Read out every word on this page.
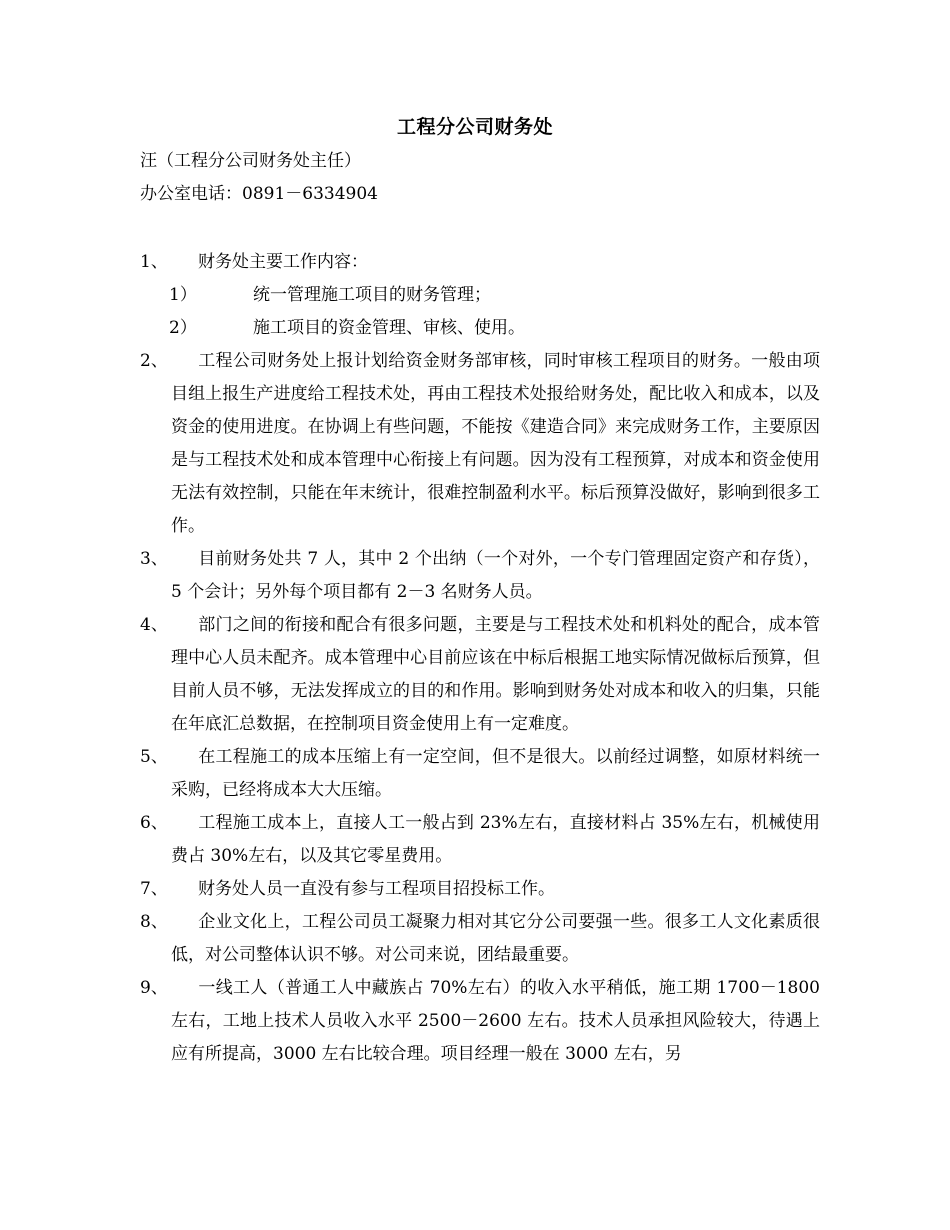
工程分公司财务处
汪（工程分公司财务处主任）
办公室电话：0891－6334904
1、	财务处主要工作内容：
1）	统一管理施工项目的财务管理；
2）	施工项目的资金管理、审核、使用。
2、	工程公司财务处上报计划给资金财务部审核，同时审核工程项目的财务。一般由项目组上报生产进度给工程技术处，再由工程技术处报给财务处，配比收入和成本，以及资金的使用进度。在协调上有些问题，不能按《建造合同》来完成财务工作，主要原因是与工程技术处和成本管理中心衔接上有问题。因为没有工程预算，对成本和资金使用无法有效控制，只能在年末统计，很难控制盈利水平。标后预算没做好，影响到很多工作。
3、	目前财务处共 7 人，其中 2 个出纳（一个对外，一个专门管理固定资产和存货），5 个会计；另外每个项目都有 2－3 名财务人员。
4、	部门之间的衔接和配合有很多问题，主要是与工程技术处和机料处的配合，成本管理中心人员未配齐。成本管理中心目前应该在中标后根据工地实际情况做标后预算，但目前人员不够，无法发挥成立的目的和作用。影响到财务处对成本和收入的归集，只能在年底汇总数据，在控制项目资金使用上有一定难度。
5、	在工程施工的成本压缩上有一定空间，但不是很大。以前经过调整，如原材料统一采购，已经将成本大大压缩。
6、	工程施工成本上，直接人工一般占到 23%左右，直接材料占 35%左右，机械使用费占 30%左右，以及其它零星费用。
7、	财务处人员一直没有参与工程项目招投标工作。
8、	企业文化上，工程公司员工凝聚力相对其它分公司要强一些。很多工人文化素质很低，对公司整体认识不够。对公司来说，团结最重要。
9、	一线工人（普通工人中藏族占 70%左右）的收入水平稍低，施工期 1700－1800 左右，工地上技术人员收入水平 2500－2600 左右。技术人员承担风险较大，待遇上应有所提高，3000 左右比较合理。项目经理一般在 3000 左右，另
